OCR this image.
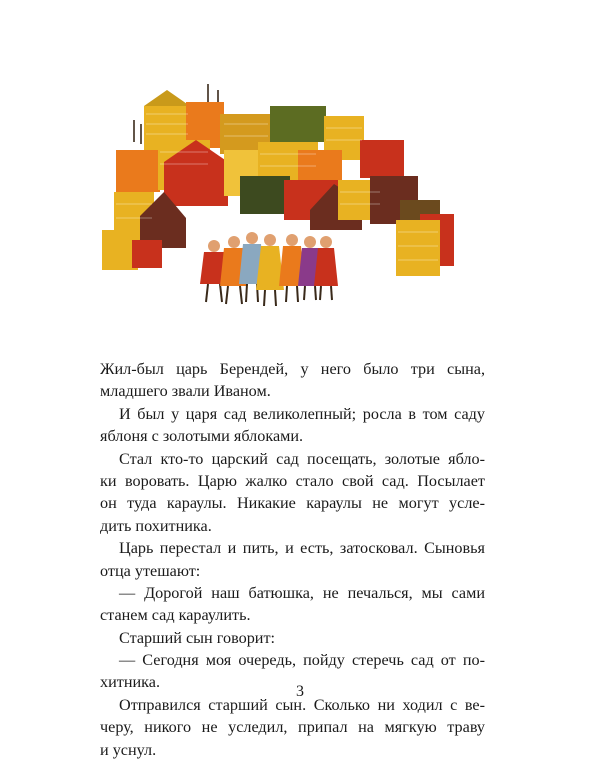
Жил-был царь Берендей, у него было три сына,
младшего звали Иваном.
И был у царя сад великолепный; росла в том саду
яблоня с золотыми яблоками.
Стал кто-то царский сад посещать, золотые ябло-
ки воровать. Царю жалко стало свой сад. Посылает
он туда караулы. Никакие караулы не могут усле-
дить похитника.
Царь перестал и пить, и есть, затосковал. Сыновья
отца утешают:
— Дорогой наш батюшка, не печалься, мы сами
станем сад караулить.
Старший сын говорит:
— Сегодня моя очередь, пойду стеречь сад от по-
хитника.
Отправился старший сын. Сколько ни ходил с ве-
черу, никого не уследил, припал на мягкую траву
и уснул.
3
